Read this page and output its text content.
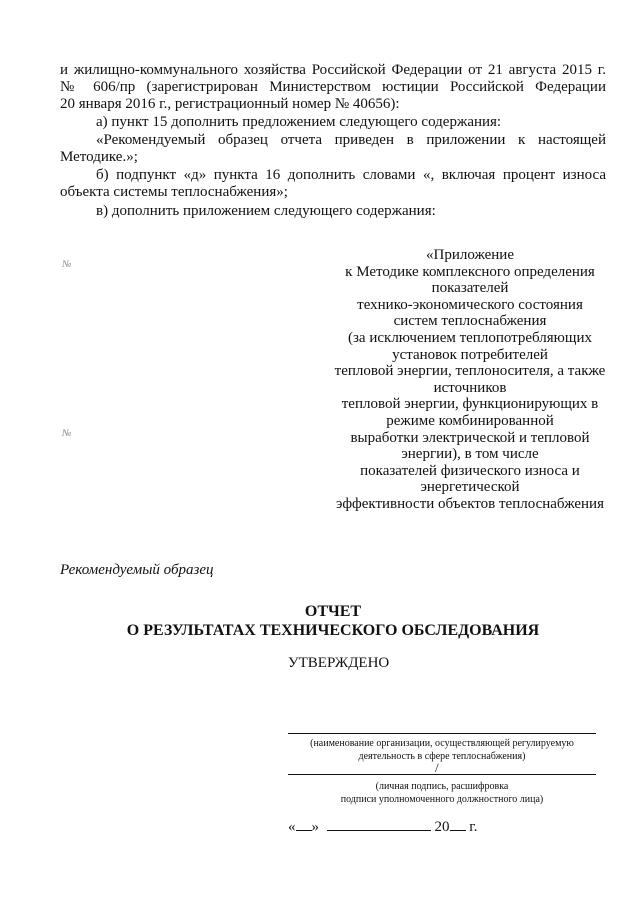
и жилищно-коммунального хозяйства Российской Федерации от 21 августа 2015 г.
№ 606/пр (зарегистрирован Министерством юстиции Российской Федерации
20 января 2016 г., регистрационный номер № 40656):
а) пункт 15 дополнить предложением следующего содержания:
«Рекомендуемый образец отчета приведен в приложении к настоящей Методике.»;
б) подпункт «д» пункта 16 дополнить словами «, включая процент износа объекта системы теплоснабжения»;
в) дополнить приложением следующего содержания:
№
№
«Приложение
к Методике комплексного определения
показателей
технико-экономического состояния
систем теплоснабжения
(за исключением теплопотребляющих
установок потребителей
тепловой энергии, теплоносителя, а также
источников
тепловой энергии, функционирующих в
режиме комбинированной
выработки электрической и тепловой
энергии), в том числе
показателей физического износа и
энергетической
эффективности объектов теплоснабжения
Рекомендуемый образец
ОТЧЕТ
О РЕЗУЛЬТАТАХ ТЕХНИЧЕСКОГО ОБСЛЕДОВАНИЯ
УТВЕРЖДЕНО
(наименование организации, осуществляющей регулируемую
деятельность в сфере теплоснабжения)
/
(личная подпись, расшифровка
подписи уполномоченного должностного лица)
« »	20 г.
